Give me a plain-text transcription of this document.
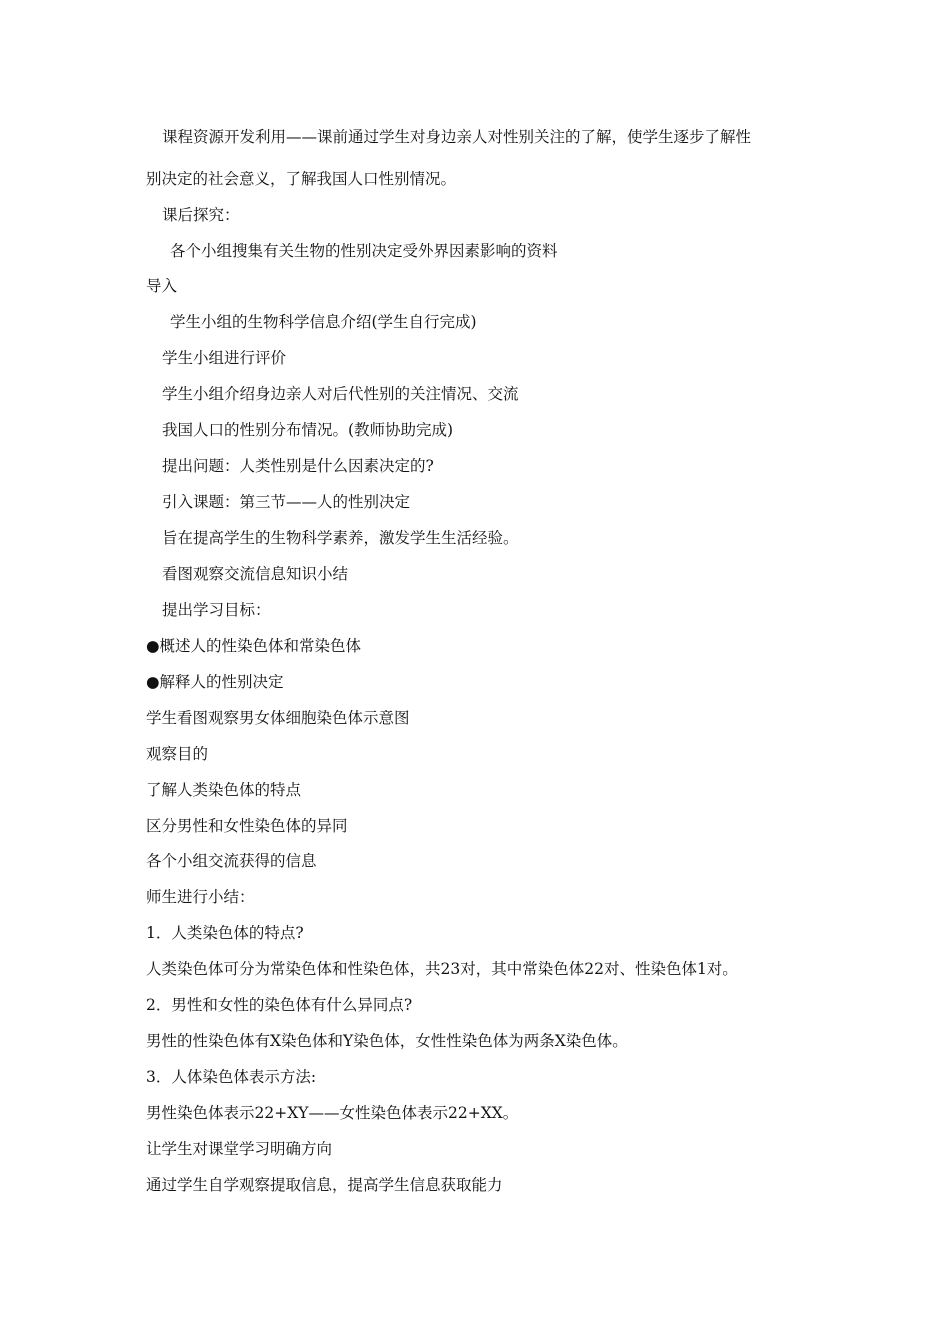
课程资源开发利用——课前通过学生对身边亲人对性别关注的了解，使学生逐步了解性
别决定的社会意义，了解我国人口性别情况。
课后探究：
各个小组搜集有关生物的性别决定受外界因素影响的资料
导入
学生小组的生物科学信息介绍(学生自行完成)
学生小组进行评价
学生小组介绍身边亲人对后代性别的关注情况、交流
我国人口的性别分布情况。(教师协助完成)
提出问题：人类性别是什么因素决定的?
引入课题：第三节——人的性别决定
旨在提高学生的生物科学素养，激发学生生活经验。
看图观察交流信息知识小结
提出学习目标：
●概述人的性染色体和常染色体
●解释人的性别决定
学生看图观察男女体细胞染色体示意图
观察目的
了解人类染色体的特点
区分男性和女性染色体的异同
各个小组交流获得的信息
师生进行小结：
1．人类染色体的特点?
人类染色体可分为常染色体和性染色体，共23对，其中常染色体22对、性染色体1对。
2．男性和女性的染色体有什么异同点?
男性的性染色体有X染色体和Y染色体，女性性染色体为两条X染色体。
3．人体染色体表示方法:
男性染色体表示22+XY——女性染色体表示22+XX。
让学生对课堂学习明确方向
通过学生自学观察提取信息，提高学生信息获取能力
